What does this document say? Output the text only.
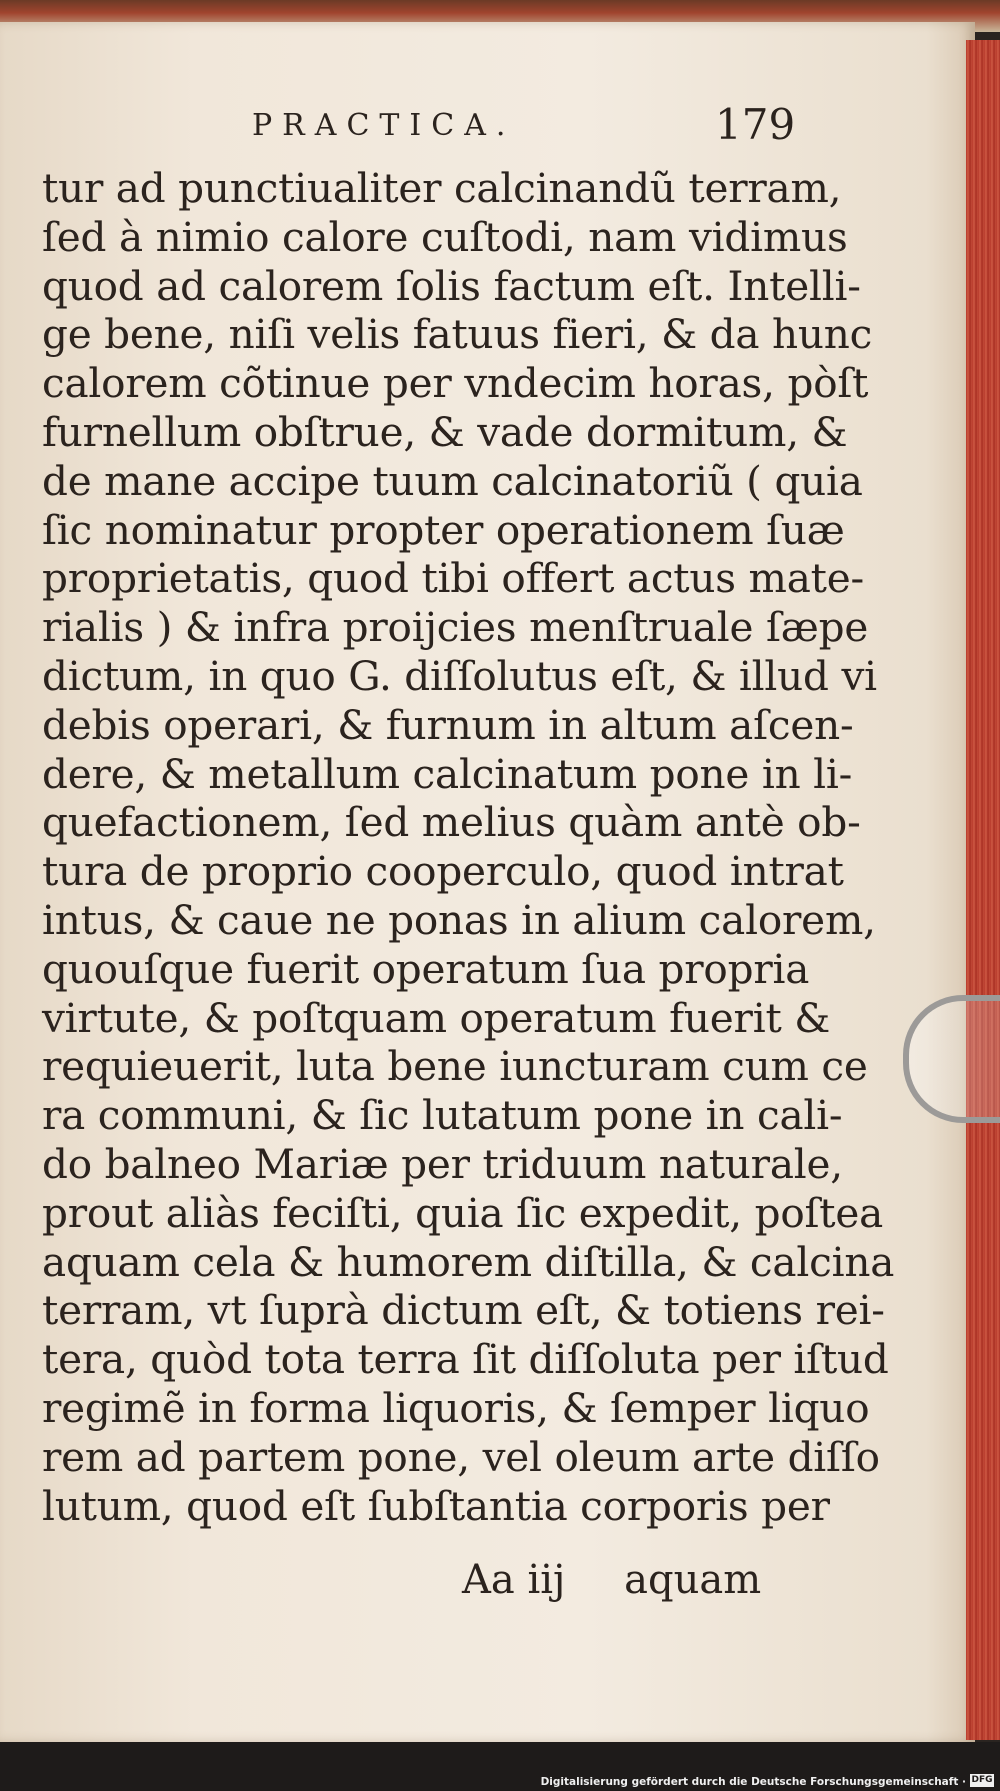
PRACTICA.	179
tur ad punctiualiter calcinandũ terram,
ſed à nimio calore cuſtodi, nam vidimus
quod ad calorem ſolis factum eſt. Intelli-
ge bene, niſi velis fatuus fieri, & da hunc
calorem cõtinue per vndecim horas, pòſt
furnellum obſtrue, & vade dormitum, &
de mane accipe tuum calcinatoriũ ( quia
ſic nominatur propter operationem ſuæ
proprietatis, quod tibi offert actus mate-
rialis ) & infra proijcies menſtruale ſæpe
dictum, in quo G. diſſolutus eſt, & illud vi
debis operari, & furnum in altum aſcen-
dere, & metallum calcinatum pone in li-
quefactionem, ſed melius quàm antè ob-
tura de proprio cooperculo, quod intrat
intus, & caue ne ponas in alium calorem,
quouſque fuerit operatum ſua propria
virtute, & poſtquam operatum fuerit &
requieuerit, luta bene iuncturam cum ce
ra communi, & ſic lutatum pone in cali-
do balneo Mariæ per triduum naturale,
prout aliàs feciſti, quia ſic expedit, poſtea
aquam cela & humorem diſtilla, & calcina
terram, vt ſuprà dictum eſt, & totiens rei-
tera, quòd tota terra ſit diſſoluta per iſtud
regimẽ in forma liquoris, & ſemper liquo
rem ad partem pone, vel oleum arte diſſo
lutum, quod eſt ſubſtantia corporis per
Aa iij aquam
Digitalisierung gefördert durch die Deutsche Forschungsgemeinschaft · DFG
